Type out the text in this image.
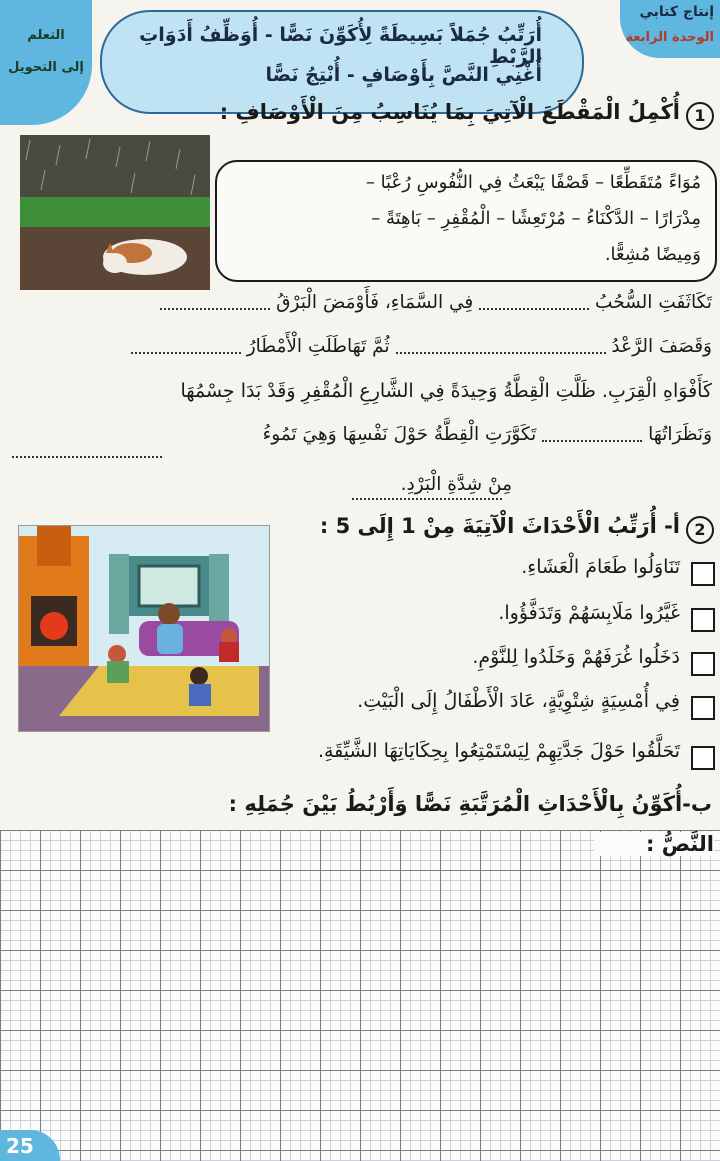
التعلم
إلى التحويل
إنتاج كتابي
الوحدة الرابعة
أُرَتِّبُ جُمَلاً بَسِيطَةً لِأُكَوِّنَ نَصًّا - أُوَظِّفُ أَدَوَاتِ الرَّبْطِ
أُغْنِي النَّصَّ بِأَوْصَافٍ - أُنْتِجُ نَصًّا
1
أُكْمِلُ الْمَقْطَعَ الْآتِيَ بِمَا يُنَاسِبُ مِنَ الْأَوْصَافِ :
مُوَاءً مُتَقَطِّعًا – قَصْفًا يَبْعَثُ فِي النُّفُوسِ رُعْبًا –
مِدْرَارًا – الدَّكْنَاءُ – مُرْتَعِشًا – الْمُقْفِرِ – بَاهِتَةً –
وَمِيضًا مُشِعًّا.
تَكَاثَفَتِ السُّحُبُ  فِي السَّمَاءِ، فَأَوْمَضَ الْبَرْقُ
وَقَصَفَ الرَّعْدُ  ثُمَّ تَهَاطَلَتِ الْأَمْطَارُ
كَأَفْوَاهِ الْقِرَبِ. ظَلَّتِ الْقِطَّةُ وَحِيدَةً فِي الشَّارِعِ الْمُقْفِرِ وَقَدْ بَدَا جِسْمُهَا
وَنَظَرَاتُهَا  تَكَوَّرَتِ الْقِطَّةُ حَوْلَ نَفْسِهَا وَهِيَ تَمُوءُ
مِنْ شِدَّةِ الْبَرْدِ.
2
أ- أُرَتِّبُ الْأَحْدَاثَ الْآتِيَةَ مِنْ 1 إِلَى 5 :
تَنَاوَلُوا طَعَامَ الْعَشَاءِ.
غَيَّرُوا مَلَابِسَهُمْ وَتَدَفَّؤُوا.
دَخَلُوا غُرَفَهُمْ وَخَلَدُوا لِلنَّوْمِ.
فِي أُمْسِيَةٍ شِتْوِيَّةٍ، عَادَ الْأَطْفَالُ إِلَى الْبَيْتِ.
تَحَلَّقُوا حَوْلَ جَدَّتِهِمْ لِيَسْتَمْتِعُوا بِحِكَايَاتِهَا الشَّيِّقَةِ.
ب-أُكَوِّنُ بِالْأَحْدَاثِ الْمُرَتَّبَةِ نَصًّا وَأَرْبُطُ بَيْنَ جُمَلِهِ :
النَّصُّ :
25
